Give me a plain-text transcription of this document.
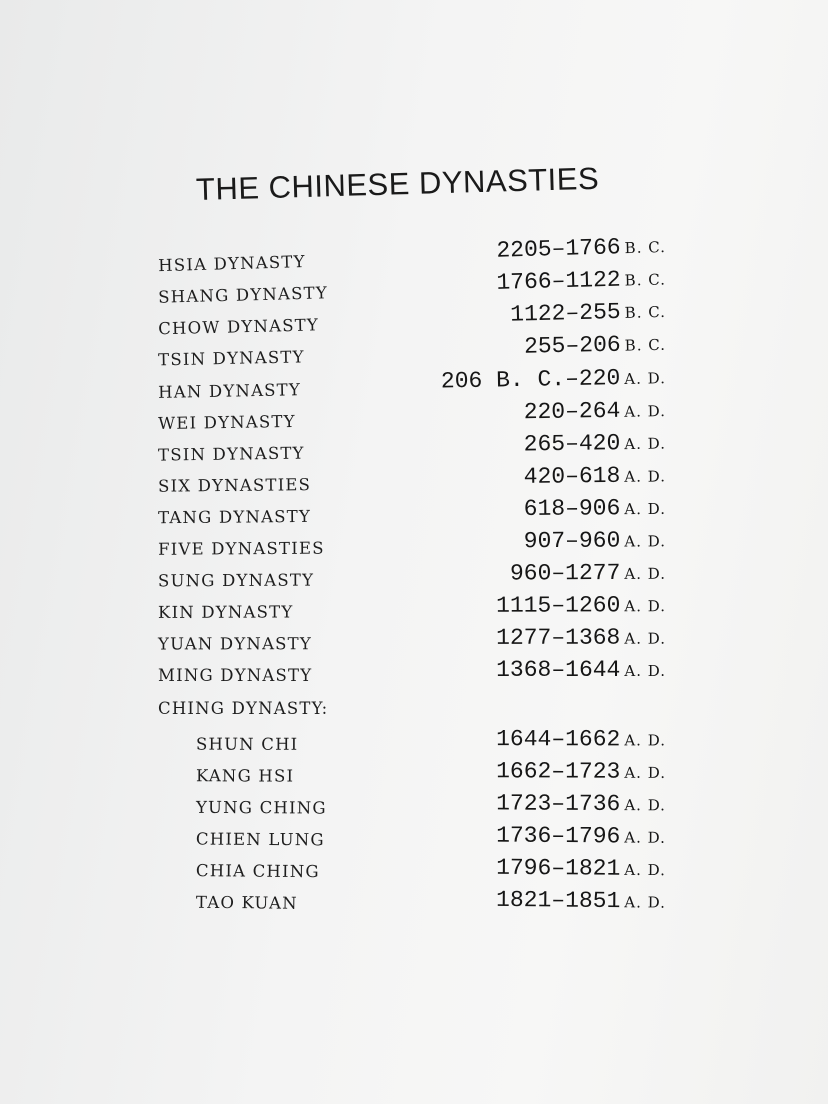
THE CHINESE DYNASTIES
HSIA DYNASTY	2205–1766 B. C.
SHANG DYNASTY	1766–1122 B. C.
CHOW DYNASTY	1122–255 B. C.
TSIN DYNASTY	255–206 B. C.
HAN DYNASTY	206 B. C.–220 A. D.
WEI DYNASTY	220–264 A. D.
TSIN DYNASTY	265–420 A. D.
SIX DYNASTIES	420–618 A. D.
TANG DYNASTY	618–906 A. D.
FIVE DYNASTIES	907–960 A. D.
SUNG DYNASTY	960–1277 A. D.
KIN DYNASTY	1115–1260 A. D.
YUAN DYNASTY	1277–1368 A. D.
MING DYNASTY	1368–1644 A. D.
CHING DYNASTY:
SHUN CHI	1644–1662 A. D.
KANG HSI	1662–1723 A. D.
YUNG CHING	1723–1736 A. D.
CHIEN LUNG	1736–1796 A. D.
CHIA CHING	1796–1821 A. D.
TAO KUAN	1821–1851 A. D.
